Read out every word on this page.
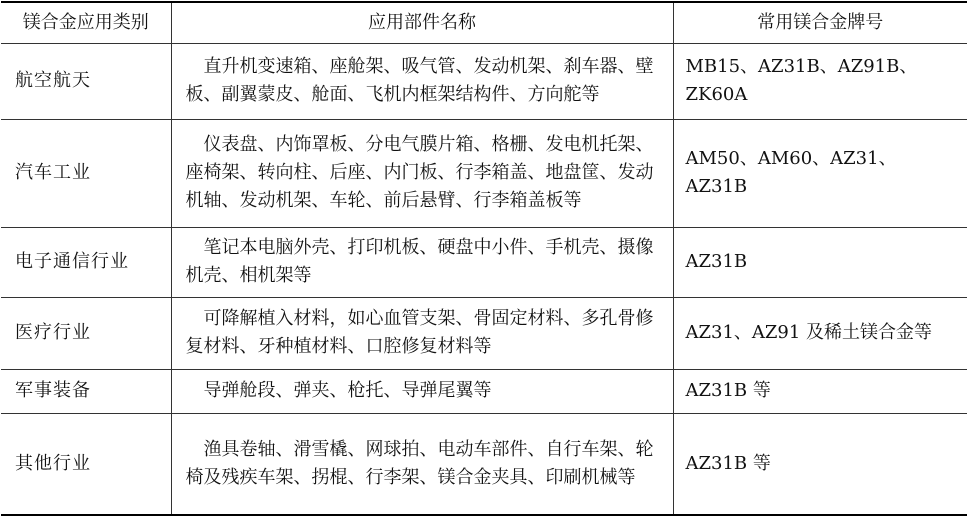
镁合金应用类别	应用部件名称	常用镁合金牌号
航空航天	直升机变速箱、座舱架、吸气管、发动机架、刹车器、壁板、副翼蒙皮、舱面、飞机内框架结构件、方向舵等	MB15、AZ31B、AZ91B、ZK60A
汽车工业	仪表盘、内饰罩板、分电气膜片箱、格栅、发电机托架、座椅架、转向柱、后座、内门板、行李箱盖、地盘筐、发动机轴、发动机架、车轮、前后悬臂、行李箱盖板等	AM50、AM60、AZ31、AZ31B
电子通信行业	笔记本电脑外壳、打印机板、硬盘中小件、手机壳、摄像机壳、相机架等	AZ31B
医疗行业	可降解植入材料，如心血管支架、骨固定材料、多孔骨修复材料、牙种植材料、口腔修复材料等	AZ31、AZ91 及稀土镁合金等
军事装备	导弹舱段、弹夹、枪托、导弹尾翼等	AZ31B 等
其他行业	渔具卷轴、滑雪橇、网球拍、电动车部件、自行车架、轮椅及残疾车架、拐棍、行李架、镁合金夹具、印刷机械等	AZ31B 等
